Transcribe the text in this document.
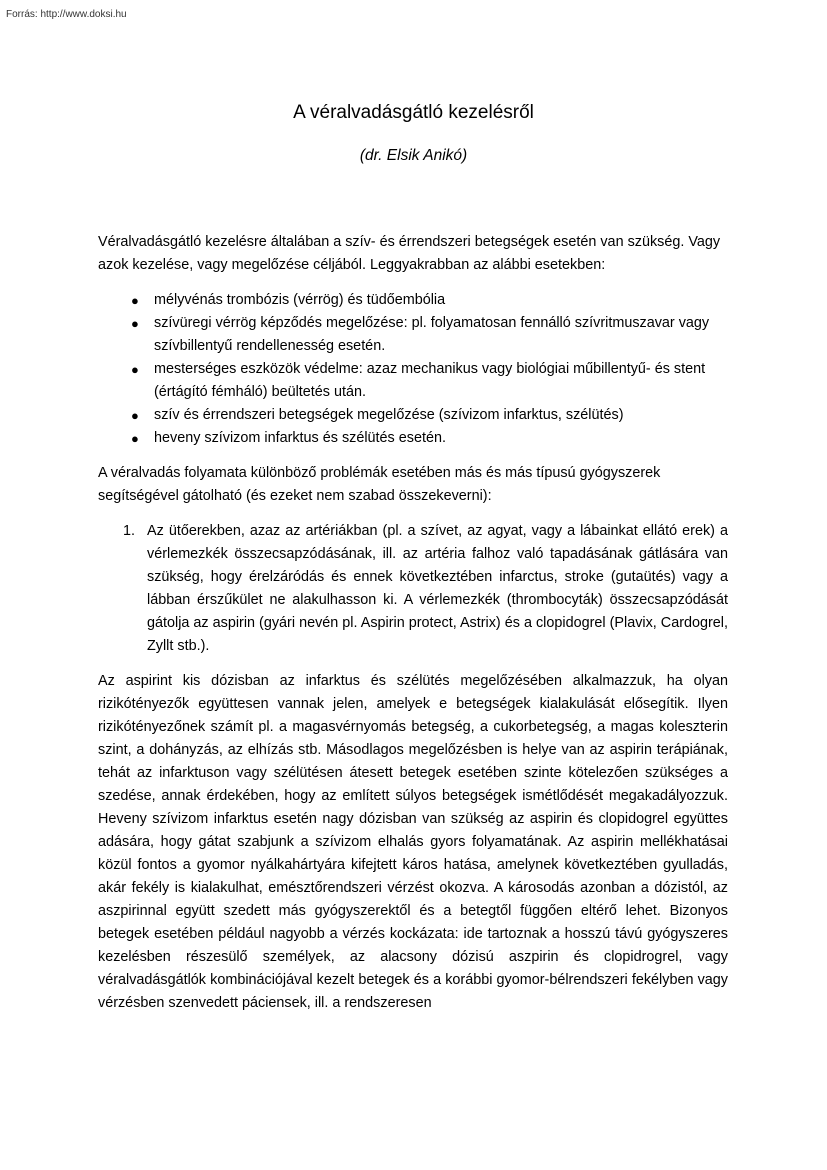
Forrás: http://www.doksi.hu
A véralvadásgátló kezelésről
(dr. Elsik Anikó)

Véralvadásgátló kezelésre általában a szív- és érrendszeri betegségek esetén van szükség. Vagy azok kezelése, vagy megelőzése céljából. Leggyakrabban az alábbi esetekben:

● mélyvénás trombózis (vérrög) és tüdőembólia
● szívüregi vérrög képződés megelőzése: pl. folyamatosan fennálló szívritmuszavar vagy szívbillentyű rendellenesség esetén.
● mesterséges eszközök védelme: azaz mechanikus vagy biológiai műbillentyű- és stent (értágító fémháló) beültetés után.
● szív és érrendszeri betegségek megelőzése (szívizom infarktus, szélütés)
● heveny szívizom infarktus és szélütés esetén.

A véralvadás folyamata különböző problémák esetében más és más típusú gyógyszerek segítségével gátolható (és ezeket nem szabad összekeverni):

1. Az ütőerekben, azaz az artériákban (pl. a szívet, az agyat, vagy a lábainkat ellátó erek) a vérlemezkék összecsapzódásának, ill. az artéria falhoz való tapadásának gátlására van szükség, hogy érelzáródás és ennek következtében infarctus, stroke (gutaütés) vagy a lábban érszűkület ne alakulhasson ki. A vérlemezkék (thrombocyták) összecsapzódását gátolja az aspirin (gyári nevén pl. Aspirin protect, Astrix) és a clopidogrel (Plavix, Cardogrel, Zyllt stb.).

Az aspirint kis dózisban az infarktus és szélütés megelőzésében alkalmazzuk, ha olyan rizikótényezők együttesen vannak jelen, amelyek e betegségek kialakulását elősegítik. Ilyen rizikótényezőnek számít pl. a magasvérnyomás betegség, a cukorbetegség, a magas koleszterin szint, a dohányzás, az elhízás stb. Másodlagos megelőzésben is helye van az aspirin terápiának, tehát az infarktuson vagy szélütésen átesett betegek esetében szinte kötelezően szükséges a szedése, annak érdekében, hogy az említett súlyos betegségek ismétlődését megakadályozzuk. Heveny szívizom infarktus esetén nagy dózisban van szükség az aspirin és clopidogrel együttes adására, hogy gátat szabjunk a szívizom elhalás gyors folyamatának. Az aspirin mellékhatásai közül fontos a gyomor nyálkahártyára kifejtett káros hatása, amelynek következtében gyulladás, akár fekély is kialakulhat, emésztőrendszeri vérzést okozva. A károsodás azonban a dózistól, az aszpirinnal együtt szedett más gyógyszerektől és a betegtől függően eltérő lehet. Bizonyos betegek esetében például nagyobb a vérzés kockázata: ide tartoznak a hosszú távú gyógyszeres kezelésben részesülő személyek, az alacsony dózisú aszpirin és clopidrogrel, vagy véralvadásgátlók kombinációjával kezelt betegek és a korábbi gyomor-bélrendszeri fekélyben vagy vérzésben szenvedett páciensek, ill. a rendszeresen
